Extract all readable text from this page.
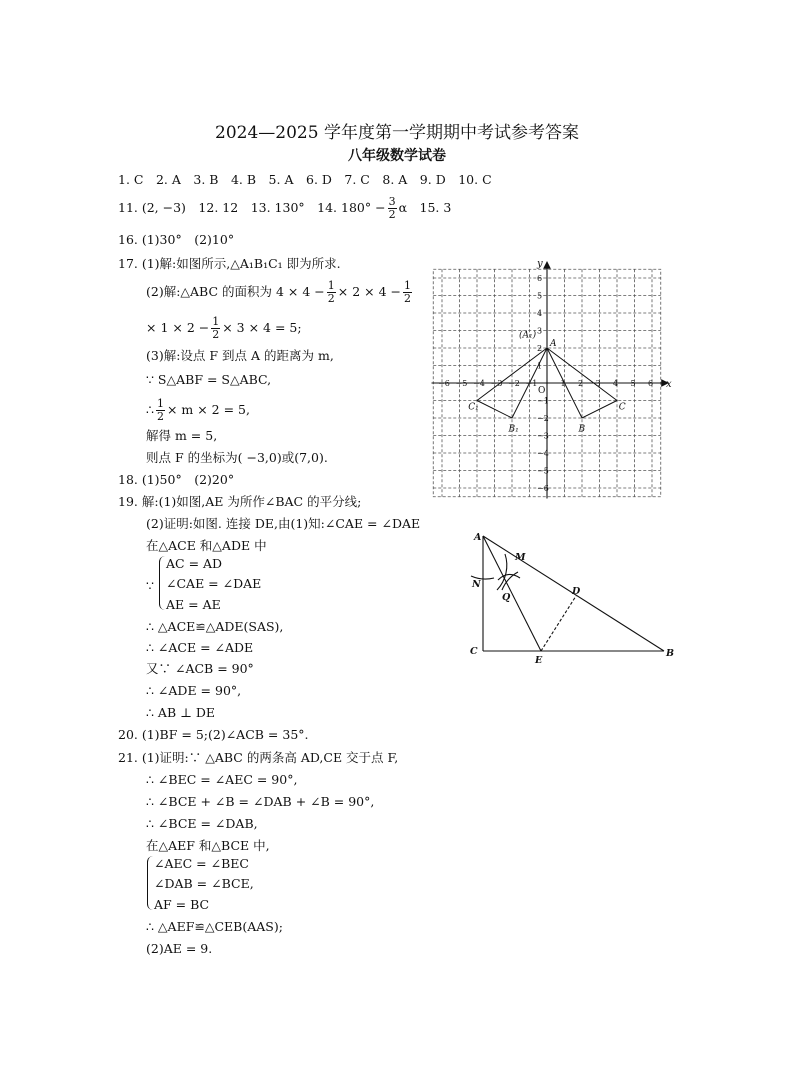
2024—2025 学年度第一学期期中考试参考答案
八年级数学试卷
1. C　2. A　3. B　4. B　5. A　6. D　7. C　8. A　9. D　10. C
11. (2, −3)　12. 12　13. 130°　14. $180^\circ - \frac{3}{2}$ α　15. 3
16. (1)30°　(2)10°
17. (1)解:如图所示,△A₁B₁C₁ 即为所求.
(2)解:△ABC 的面积为 $4 \times 4 - \frac{1}{2} \times 2 \times 4 - \frac{1}{2}$
× $1 \times 2 - \frac{1}{2} \times 3 \times 4 = 5$;
(3)解:设点 F 到点 A 的距离为 m,
∵ S△ABF = S△ABC,
∴ $\frac{1}{2} \times m \times 2 = 5$,
解得 m = 5,
则点 F 的坐标为( −3,0)或(7,0).
−6 −5 −4 −3 −2 −1	1 2 3 4 5 6 x
6
5
4
3
2
1
−1
−2
−3
−4
−5
−6
y
O
A
(A₁)
B
B₁
C
C₁
18. (1)50°　(2)20°
19. 解:(1)如图,AE 为所作∠BAC 的平分线;
(2)证明:如图. 连接 DE,由(1)知:∠CAE = ∠DAE
在△ACE 和△ADE 中
∵
AC = AD
∠CAE = ∠DAE
AE = AE
∴ △ACE≌△ADE(SAS),
∴ ∠ACE = ∠ADE
又∵ ∠ACB = 90°
∴ ∠ADE = 90°,
∴ AB ⊥ DE
A
B
C
D
E
M
N
Q
20. (1)BF = 5;(2)∠ACB = 35°.
21. (1)证明:∵ △ABC 的两条高 AD,CE 交于点 F,
∴ ∠BEC = ∠AEC = 90°,
∴ ∠BCE + ∠B = ∠DAB + ∠B = 90°,
∴ ∠BCE = ∠DAB,
在△AEF 和△BCE 中,
∠AEC = ∠BEC
∠DAB = ∠BCE,
AF = BC
∴ △AEF≌△CEB(AAS);
(2)AE = 9.
